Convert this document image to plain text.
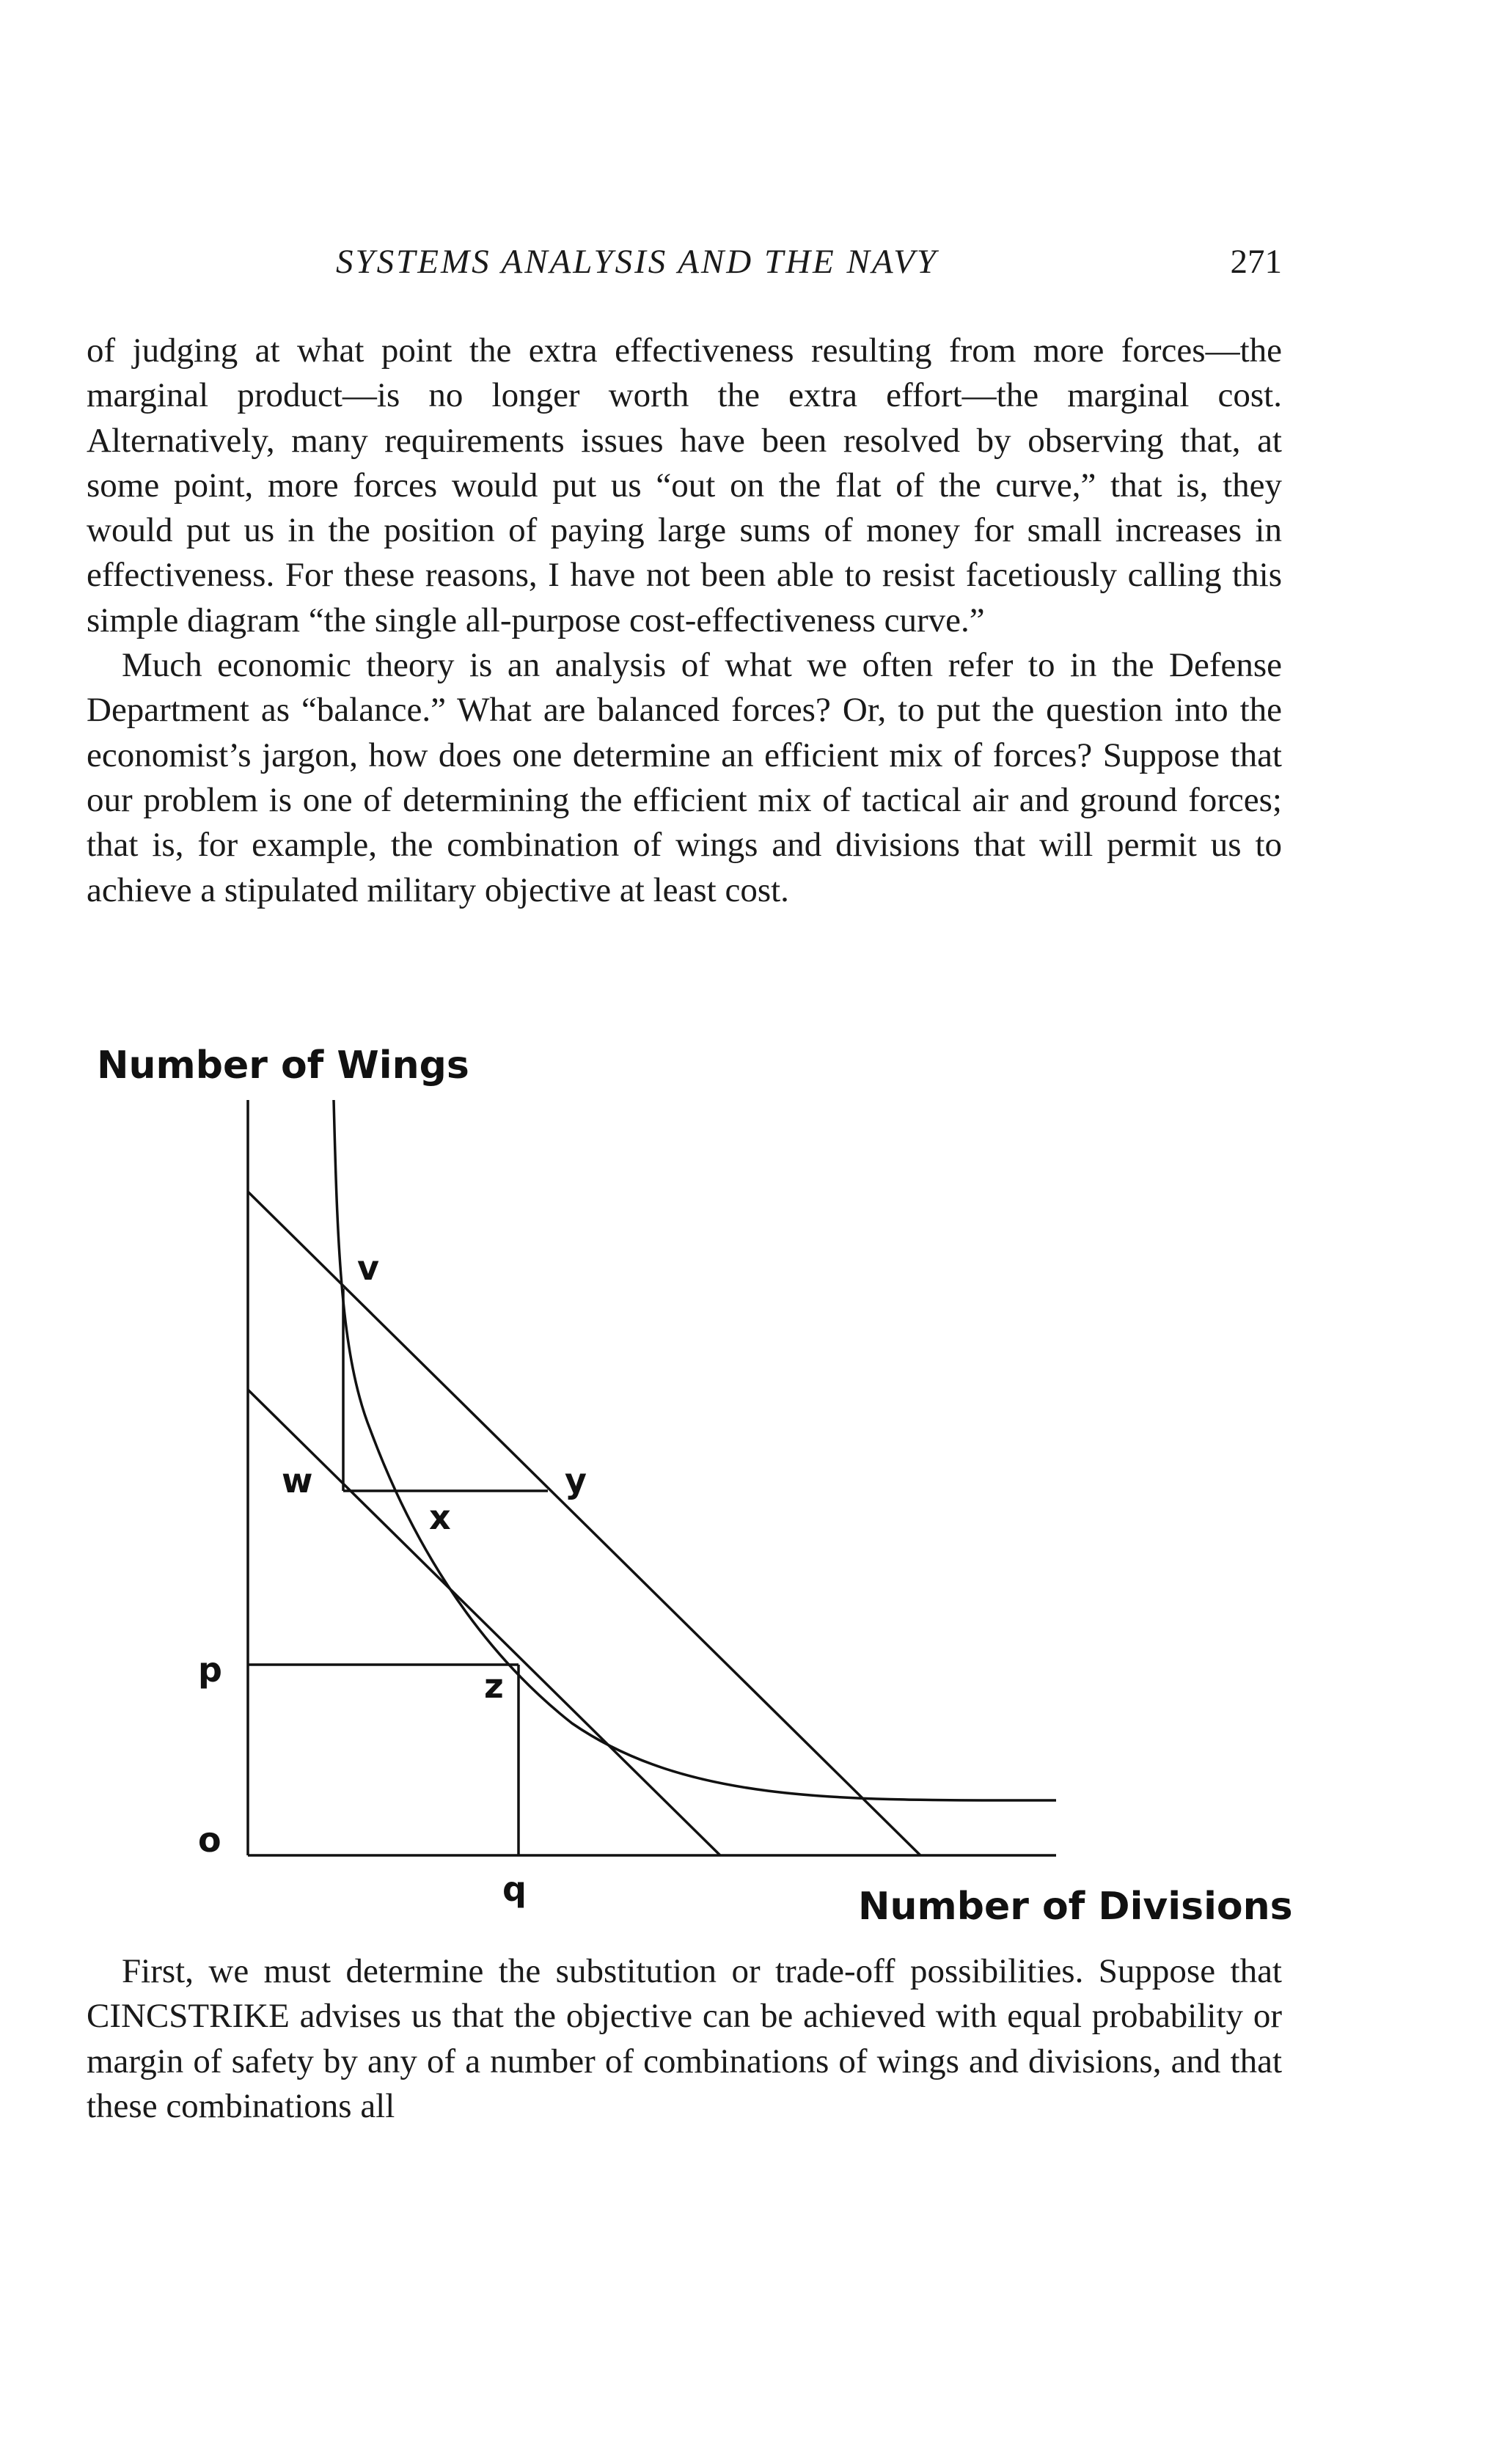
SYSTEMS ANALYSIS AND THE NAVY	271

of judging at what point the extra effectiveness resulting from more forces—the marginal product—is no longer worth the extra effort—the marginal cost. Alternatively, many requirements issues have been resolved by observing that, at some point, more forces would put us “out on the flat of the curve,” that is, they would put us in the position of paying large sums of money for small increases in effectiveness. For these reasons, I have not been able to resist facetiously calling this simple diagram “the single all-purpose cost-effectiveness curve.”

Much economic theory is an analysis of what we often refer to in the Defense Department as “balance.” What are balanced forces? Or, to put the question into the economist’s jargon, how does one determine an efficient mix of forces? Suppose that our problem is one of determining the efficient mix of tactical air and ground forces; that is, for example, the combination of wings and divisions that will permit us to achieve a stipulated military objective at least cost.

Number of Wings
Number of Divisions
v
w
x
y
p	z
o
q

First, we must determine the substitution or trade-off possibilities. Suppose that CINCSTRIKE advises us that the objective can be achieved with equal probability or margin of safety by any of a number of combinations of wings and divisions, and that these combinations all
